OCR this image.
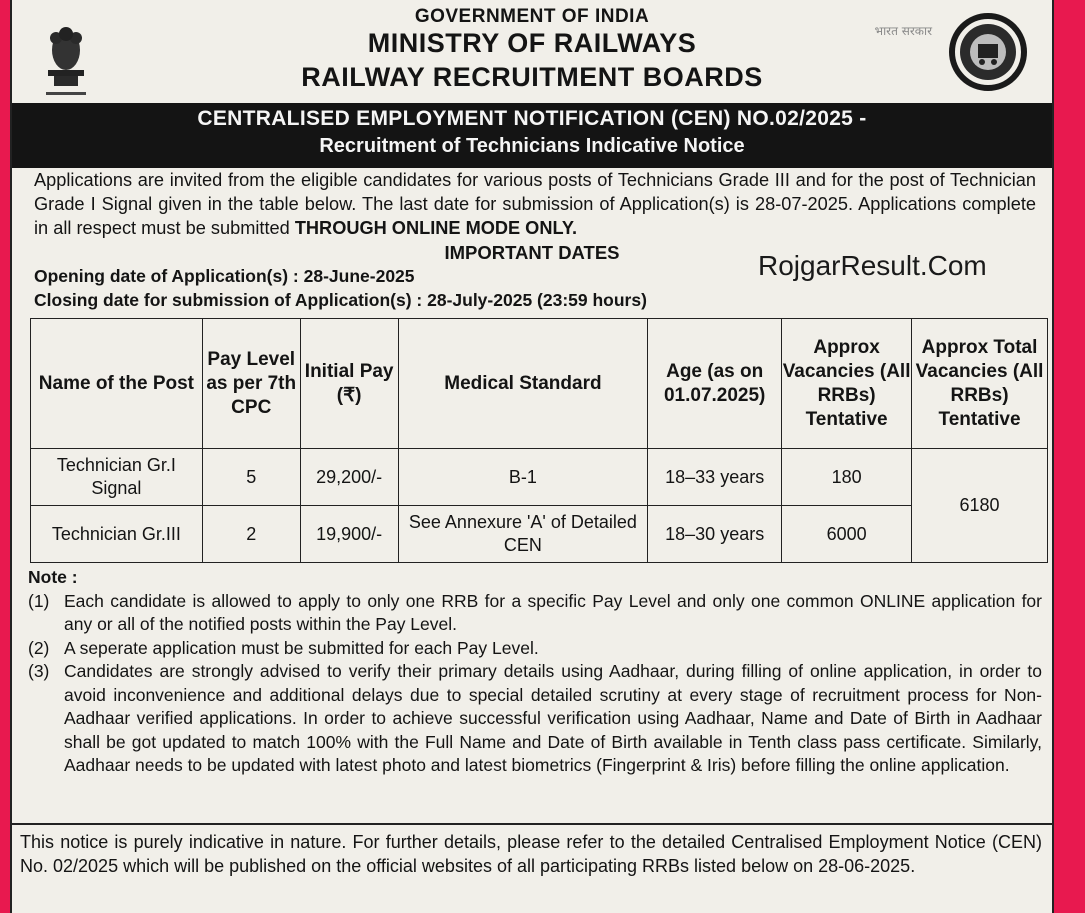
भारत सरकार
GOVERNMENT OF INDIA
MINISTRY OF RAILWAYS
RAILWAY RECRUITMENT BOARDS
CENTRALISED EMPLOYMENT NOTIFICATION (CEN) NO.02/2025 -
Recruitment of Technicians Indicative Notice
Applications are invited from the eligible candidates for various posts of Technicians Grade III and for the post of Technician Grade I Signal given in the table below. The last date for submission of Application(s) is 28-07-2025. Applications complete in all respect must be submitted THROUGH ONLINE MODE ONLY.
IMPORTANT DATES
Opening date of Application(s) : 28-June-2025
Closing date for submission of Application(s) : 28-July-2025 (23:59 hours)
RojgarResult.Com
Name of the Post	Pay Level as per 7th CPC	Initial Pay (₹)	Medical Standard	Age (as on 01.07.2025)	Approx Vacancies (All RRBs) Tentative	Approx Total Vacancies (All RRBs) Tentative
Technician Gr.I Signal	5	29,200/-	B-1	18–33 years	180	6180
Technician Gr.III	2	19,900/-	See Annexure 'A' of Detailed CEN	18–30 years	6000	
Note :
(1) Each candidate is allowed to apply to only one RRB for a specific Pay Level and only one common ONLINE application for any or all of the notified posts within the Pay Level.
(2) A seperate application must be submitted for each Pay Level.
(3) Candidates are strongly advised to verify their primary details using Aadhaar, during filling of online application, in order to avoid inconvenience and additional delays due to special detailed scrutiny at every stage of recruitment process for Non-Aadhaar verified applications. In order to achieve successful verification using Aadhaar, Name and Date of Birth in Aadhaar shall be got updated to match 100% with the Full Name and Date of Birth available in Tenth class pass certificate. Similarly, Aadhaar needs to be updated with latest photo and latest biometrics (Fingerprint & Iris) before filling the online application.
This notice is purely indicative in nature. For further details, please refer to the detailed Centralised Employment Notice (CEN) No. 02/2025 which will be published on the official websites of all participating RRBs listed below on 28-06-2025.
